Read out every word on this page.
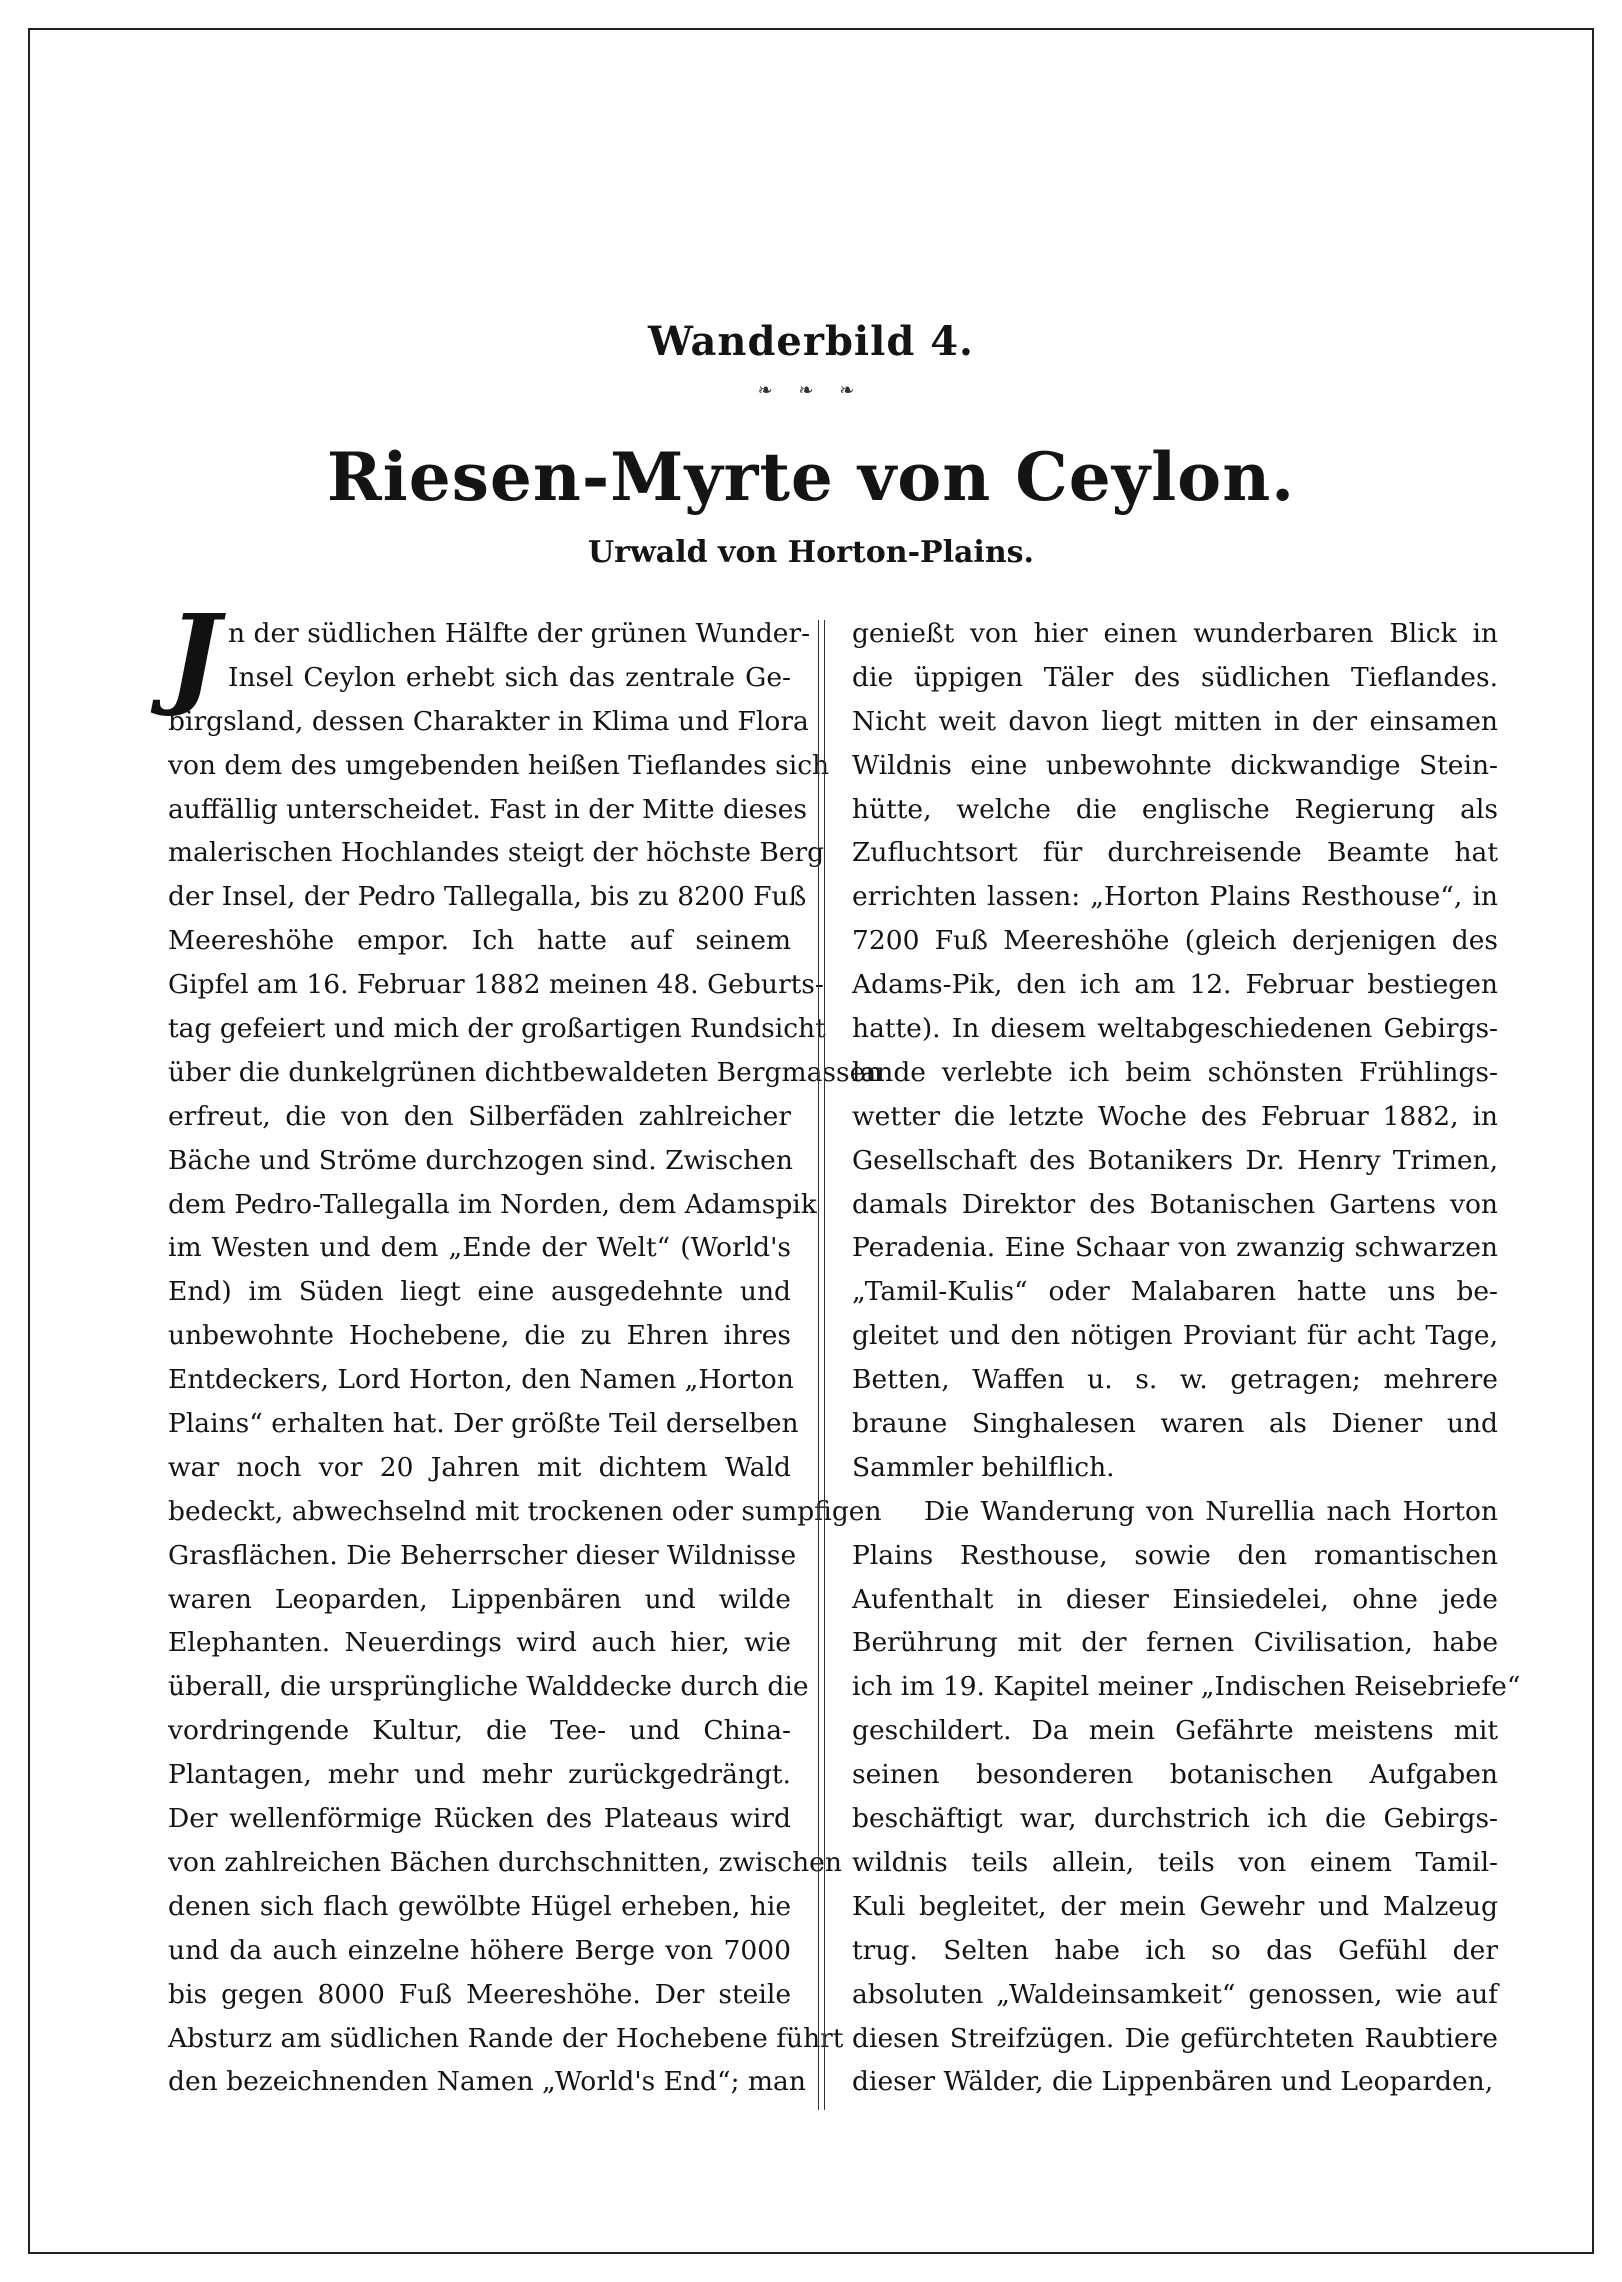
Wanderbild 4.
❧ ❧ ❧
Riesen-Myrte von Ceylon.
Urwald von Horton-Plains.
J n der südlichen Hälfte der grünen Wunder-
Insel Ceylon erhebt sich das zentrale Ge-
birgsland, dessen Charakter in Klima und Flora
von dem des umgebenden heißen Tieflandes sich
auffällig unterscheidet. Fast in der Mitte dieses
malerischen Hochlandes steigt der höchste Berg
der Insel, der Pedro Tallegalla, bis zu 8200 Fuß
Meereshöhe empor. Ich hatte auf seinem
Gipfel am 16. Februar 1882 meinen 48. Geburts-
tag gefeiert und mich der großartigen Rundsicht
über die dunkelgrünen dichtbewaldeten Bergmassen
erfreut, die von den Silberfäden zahlreicher
Bäche und Ströme durchzogen sind. Zwischen
dem Pedro-Tallegalla im Norden, dem Adamspik
im Westen und dem „Ende der Welt“ (World's
End) im Süden liegt eine ausgedehnte und
unbewohnte Hochebene, die zu Ehren ihres
Entdeckers, Lord Horton, den Namen „Horton
Plains“ erhalten hat. Der größte Teil derselben
war noch vor 20 Jahren mit dichtem Wald
bedeckt, abwechselnd mit trockenen oder sumpfigen
Grasflächen. Die Beherrscher dieser Wildnisse
waren Leoparden, Lippenbären und wilde
Elephanten. Neuerdings wird auch hier, wie
überall, die ursprüngliche Walddecke durch die
vordringende Kultur, die Tee- und China-
Plantagen, mehr und mehr zurückgedrängt.
Der wellenförmige Rücken des Plateaus wird
von zahlreichen Bächen durchschnitten, zwischen
denen sich flach gewölbte Hügel erheben, hie
und da auch einzelne höhere Berge von 7000
bis gegen 8000 Fuß Meereshöhe. Der steile
Absturz am südlichen Rande der Hochebene führt
den bezeichnenden Namen „World's End“; man
genießt von hier einen wunderbaren Blick in
die üppigen Täler des südlichen Tieflandes.
Nicht weit davon liegt mitten in der einsamen
Wildnis eine unbewohnte dickwandige Stein-
hütte, welche die englische Regierung als
Zufluchtsort für durchreisende Beamte hat
errichten lassen: „Horton Plains Resthouse“, in
7200 Fuß Meereshöhe (gleich derjenigen des
Adams-Pik, den ich am 12. Februar bestiegen
hatte). In diesem weltabgeschiedenen Gebirgs-
lande verlebte ich beim schönsten Frühlings-
wetter die letzte Woche des Februar 1882, in
Gesellschaft des Botanikers Dr. Henry Trimen,
damals Direktor des Botanischen Gartens von
Peradenia. Eine Schaar von zwanzig schwarzen
„Tamil-Kulis“ oder Malabaren hatte uns be-
gleitet und den nötigen Proviant für acht Tage,
Betten, Waffen u. s. w. getragen; mehrere
braune Singhalesen waren als Diener und
Sammler behilflich.
Die Wanderung von Nurellia nach Horton
Plains Resthouse, sowie den romantischen
Aufenthalt in dieser Einsiedelei, ohne jede
Berührung mit der fernen Civilisation, habe
ich im 19. Kapitel meiner „Indischen Reisebriefe“
geschildert. Da mein Gefährte meistens mit
seinen besonderen botanischen Aufgaben
beschäftigt war, durchstrich ich die Gebirgs-
wildnis teils allein, teils von einem Tamil-
Kuli begleitet, der mein Gewehr und Malzeug
trug. Selten habe ich so das Gefühl der
absoluten „Waldeinsamkeit“ genossen, wie auf
diesen Streifzügen. Die gefürchteten Raubtiere
dieser Wälder, die Lippenbären und Leoparden,
